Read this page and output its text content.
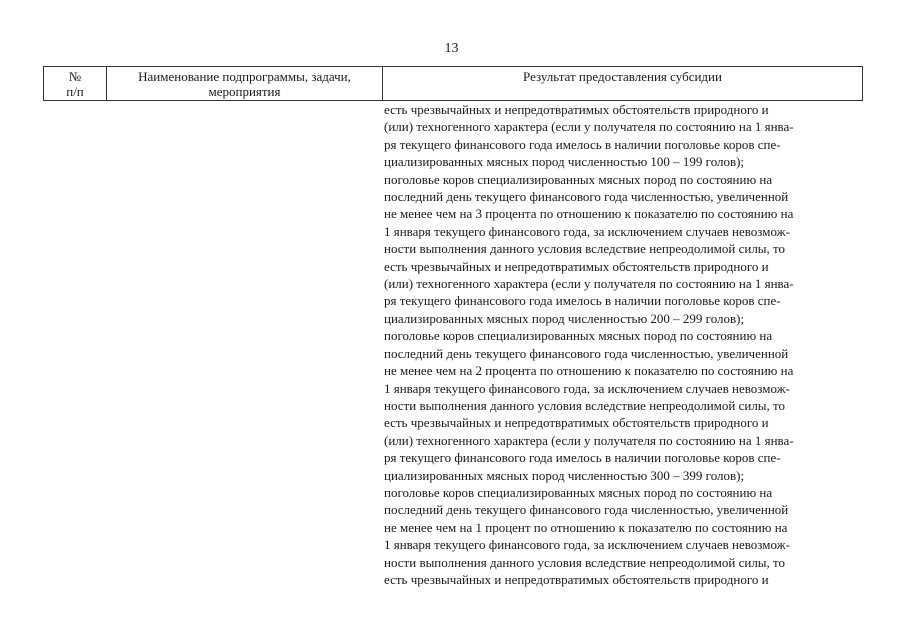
13
№
п/п
Наименование подпрограммы, задачи,
мероприятия
Результат предоставления субсидии

есть чрезвычайных и непредотвратимых обстоятельств природного и
(или) техногенного характера (если у получателя по состоянию на 1 янва-
ря текущего финансового года имелось в наличии поголовье коров спе-
циализированных мясных пород численностью 100 – 199 голов);

поголовье коров специализированных мясных пород по состоянию на
последний день текущего финансового года численностью, увеличенной
не менее чем на 3 процента по отношению к показателю по состоянию на
1 января текущего финансового года, за исключением случаев невозмож-
ности выполнения данного условия вследствие непреодолимой силы, то
есть чрезвычайных и непредотвратимых обстоятельств природного и
(или) техногенного характера (если у получателя по состоянию на 1 янва-
ря текущего финансового года имелось в наличии поголовье коров спе-
циализированных мясных пород численностью 200 – 299 голов);

поголовье коров специализированных мясных пород по состоянию на
последний день текущего финансового года численностью, увеличенной
не менее чем на 2 процента по отношению к показателю по состоянию на
1 января текущего финансового года, за исключением случаев невозмож-
ности выполнения данного условия вследствие непреодолимой силы, то
есть чрезвычайных и непредотвратимых обстоятельств природного и
(или) техногенного характера (если у получателя по состоянию на 1 янва-
ря текущего финансового года имелось в наличии поголовье коров спе-
циализированных мясных пород численностью 300 – 399 голов);

поголовье коров специализированных мясных пород по состоянию на
последний день текущего финансового года численностью, увеличенной
не менее чем на 1 процент по отношению к показателю по состоянию на
1 января текущего финансового года, за исключением случаев невозмож-
ности выполнения данного условия вследствие непреодолимой силы, то
есть чрезвычайных и непредотвратимых обстоятельств природного и
